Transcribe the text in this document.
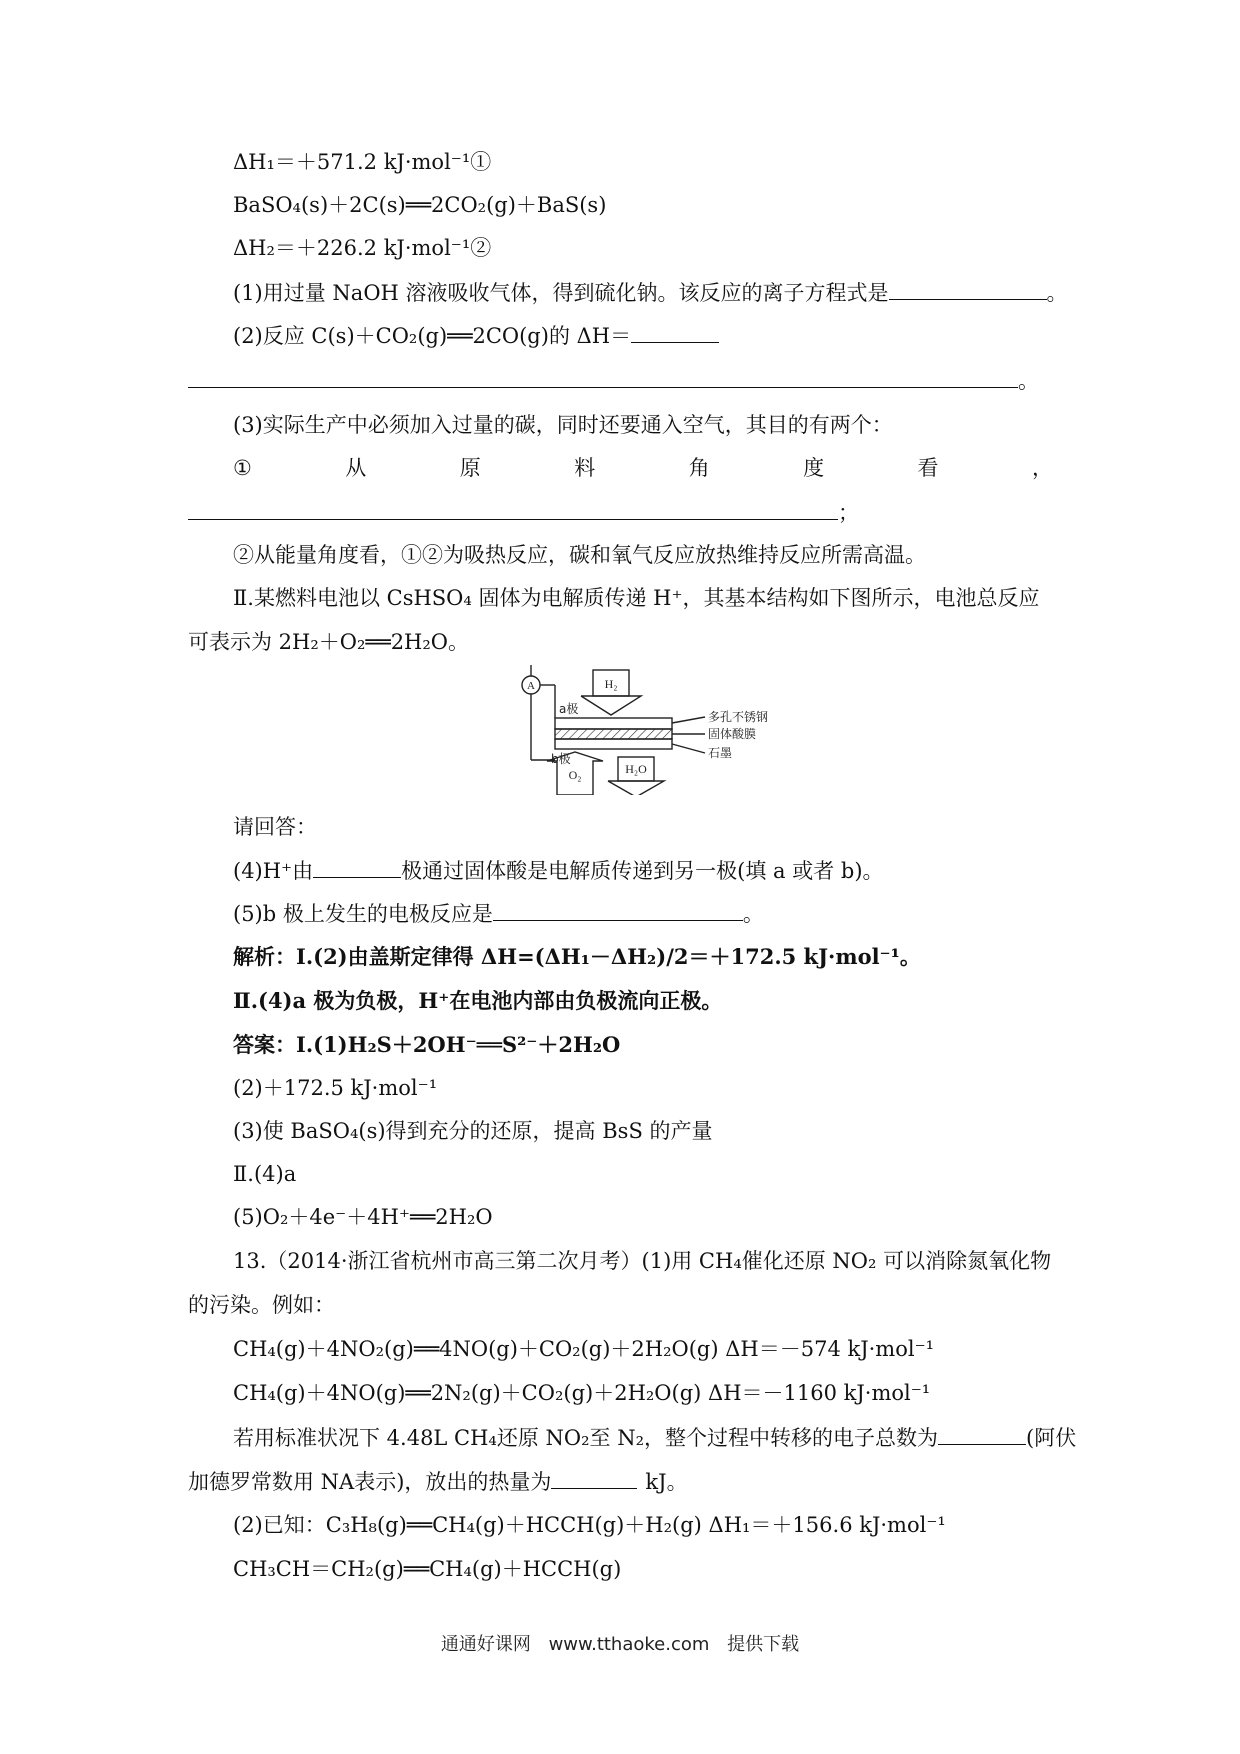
ΔH₁＝＋571.2 kJ·mol⁻¹①
BaSO₄(s)＋2C(s)══2CO₂(g)＋BaS(s)
ΔH₂＝＋226.2 kJ·mol⁻¹②
(1)用过量 NaOH 溶液吸收气体，得到硫化钠。该反应的离子方程式是	。
(2)反应 C(s)＋CO₂(g)══2CO(g)的 ΔH＝
。
(3)实际生产中必须加入过量的碳，同时还要通入空气，其目的有两个：
①	从	原	料	角	度	看	，
；
②从能量角度看，①②为吸热反应，碳和氧气反应放热维持反应所需高温。
Ⅱ.某燃料电池以 CsHSO₄ 固体为电解质传递 H⁺，其基本结构如下图所示，电池总反应
可表示为 2H₂＋O₂══2H₂O。
A	H₂
a极
b极
O₂	H₂O
多孔不锈钢
固体酸膜
石墨
请回答：
(4)H⁺由	极通过固体酸是电解质传递到另一极(填 a 或者 b)。
(5)b 极上发生的电极反应是	。
解析：Ⅰ.(2)由盖斯定律得 ΔH=(ΔH₁－ΔH₂)/2＝＋172.5 kJ·mol⁻¹。
Ⅱ.(4)a 极为负极，H⁺在电池内部由负极流向正极。
答案：Ⅰ.(1)H₂S＋2OH⁻══S²⁻＋2H₂O
(2)＋172.5 kJ·mol⁻¹
(3)使 BaSO₄(s)得到充分的还原，提高 BsS 的产量
Ⅱ.(4)a
(5)O₂＋4e⁻＋4H⁺══2H₂O
13.（2014·浙江省杭州市高三第二次月考）(1)用 CH₄催化还原 NO₂ 可以消除氮氧化物
的污染。例如：
CH₄(g)＋4NO₂(g)══4NO(g)＋CO₂(g)＋2H₂O(g) ΔH＝－574 kJ·mol⁻¹
CH₄(g)＋4NO(g)══2N₂(g)＋CO₂(g)＋2H₂O(g) ΔH＝－1160 kJ·mol⁻¹
若用标准状况下 4.48L CH₄还原 NO₂至 N₂，整个过程中转移的电子总数为	(阿伏
加德罗常数用 NA表示)，放出的热量为	kJ。
(2)已知：C₃H₈(g)══CH₄(g)＋HCCH(g)＋H₂(g) ΔH₁＝＋156.6 kJ·mol⁻¹
CH₃CH＝CH₂(g)══CH₄(g)＋HCCH(g)
通通好课网 www.tthaoke.com 提供下载
